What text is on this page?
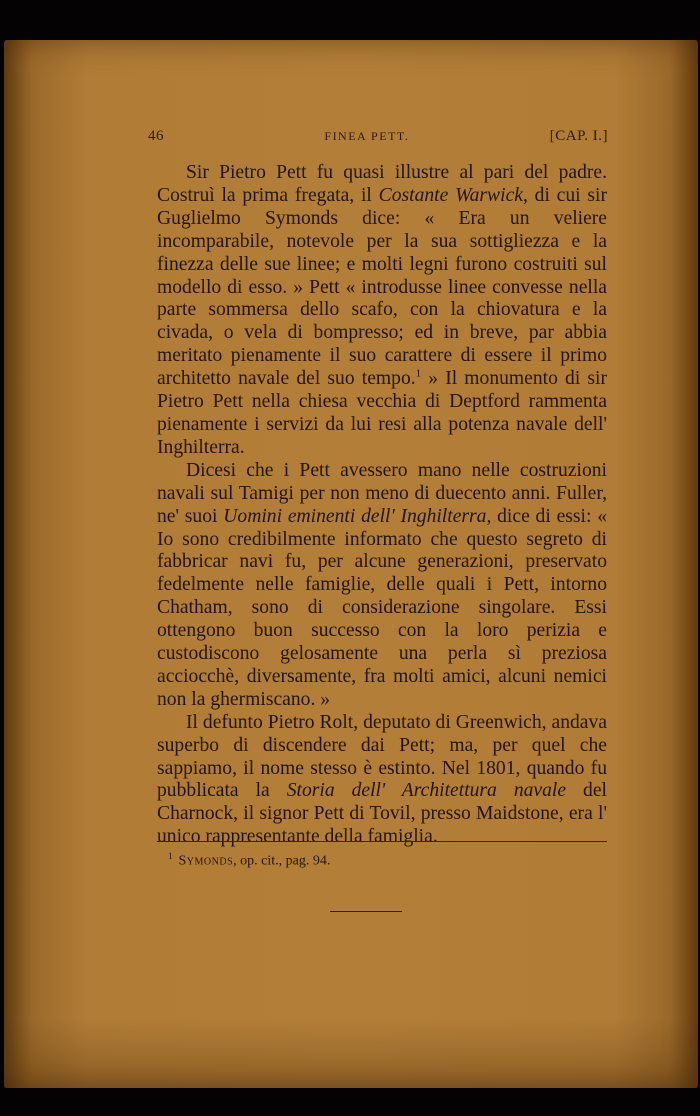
46	FINEA PETT.	[CAP. I.]

Sir Pietro Pett fu quasi illustre al pari del padre. Costruì la prima fregata, il Costante Warwick, di cui sir Guglielmo Symonds dice: « Era un veliere incomparabile, notevole per la sua sottigliezza e la finezza delle sue linee; e molti legni furono costruiti sul modello di esso. » Pett « introdusse linee convesse nella parte sommersa dello scafo, con la chiovatura e la civada, o vela di bompresso; ed in breve, par abbia meritato pienamente il suo carattere di essere il primo architetto navale del suo tempo.$^1$ » Il monumento di sir Pietro Pett nella chiesa vecchia di Deptford rammenta pienamente i servizi da lui resi alla potenza navale dell' Inghilterra.

Dicesi che i Pett avessero mano nelle costruzioni navali sul Tamigi per non meno di duecento anni. Fuller, ne' suoi Uomini eminenti dell' Inghilterra, dice di essi: « Io sono credibilmente informato che questo segreto di fabbricar navi fu, per alcune generazioni, preservato fedelmente nelle famiglie, delle quali i Pett, intorno Chatham, sono di considerazione singolare. Essi ottengono buon successo con la loro perizia e custodiscono gelosamente una perla sì preziosa acciocchè, diversamente, fra molti amici, alcuni nemici non la ghermiscano. »

Il defunto Pietro Rolt, deputato di Greenwich, andava superbo di discendere dai Pett; ma, per quel che sappiamo, il nome stesso è estinto. Nel 1801, quando fu pubblicata la Storia dell' Architettura navale del Charnock, il signor Pett di Tovil, presso Maidstone, era l' unico rappresentante della famiglia.

$^1$ Symonds, op. cit., pag. 94.
